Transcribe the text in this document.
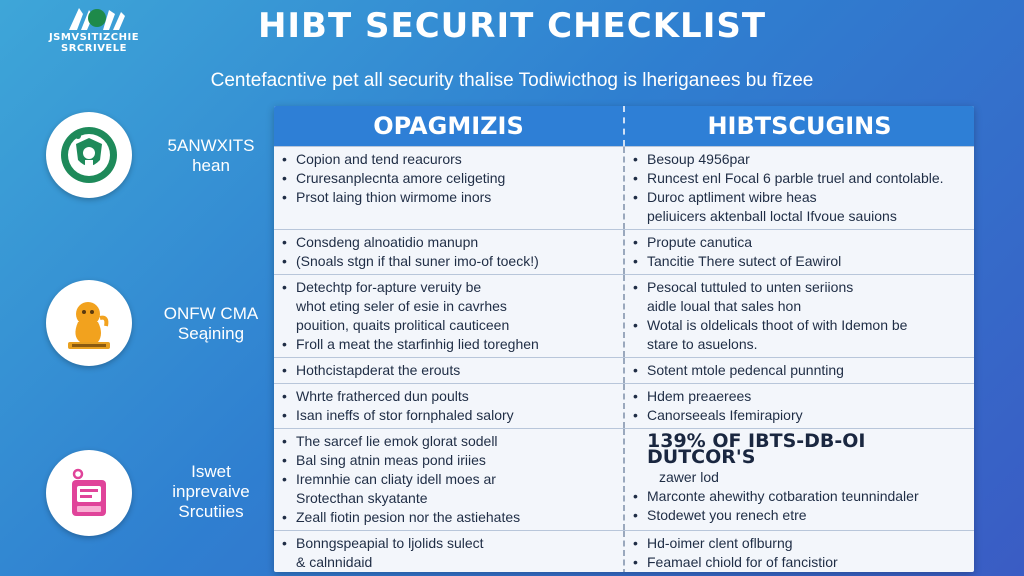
JSMVSITIZCHIE
SRCRIVELE
HIBT SECURIT CHECKLIST
Centefacntive pet all security thalise Todiwicthog is lheriganees bu fīzee
5ANWXITS
hean
ONFW CMA
Seąining
Iswet
inprevaive
Srcutiies
OPAGMIZIS	HIBTSCUGINS
• Copion and tend reacurors
• Cruresanplecnta amore celigeting
• Prsot laing thion wirmome inors
• Besoup 4956par
• Runcest enl Focal 6 parble truel and contolable.
• Duroc aptliment wibre heas
peliuicers aktenball loctal Ifvoue sauions
• Consdeng alnoatidio manupn
• (Snoals stgn if thal suner imo-of toeck!)
• Propute canutica
• Tancitie There sutect of Eawirol
• Detechtp for-apture veruity be
whot eting seler of esie in cavrhes
pouition, quaits prolitical cauticeen
• Froll a meat the starfinhig lied toreghen
• Pesocal tuttuled to unten seriions
aidle loual that sales hon
• Wotal is oldelicals thoot of with Idemon be
stare to asuelons.
• Hothcistapderat the erouts
•	Sotent mtole pedencal punnting
• Whrte fratherced dun poults
• Isan ineffs of stor fornphaled salory
• Hdem preaerees
• Canorseeals Ifemirapiory
• The sarcef lie emok glorat sodell
• Bal sing atnin meas pond iriies
• Iremnhie can cliaty idell moes ar
Srotecthan skyatante
• Zeall fiotin pesion nor the astiehates
139% OF IBTS-DB-OI DUTCOR'S
zawer lod
• Marconte ahewithy cotbaration teunnindaler
• Stodewet you renech etre
• Bonngspeapial to ljolids sulect
& calnnidaid
• Hd-oimer clent oflburng
• Feamael chiold for of fancistior
